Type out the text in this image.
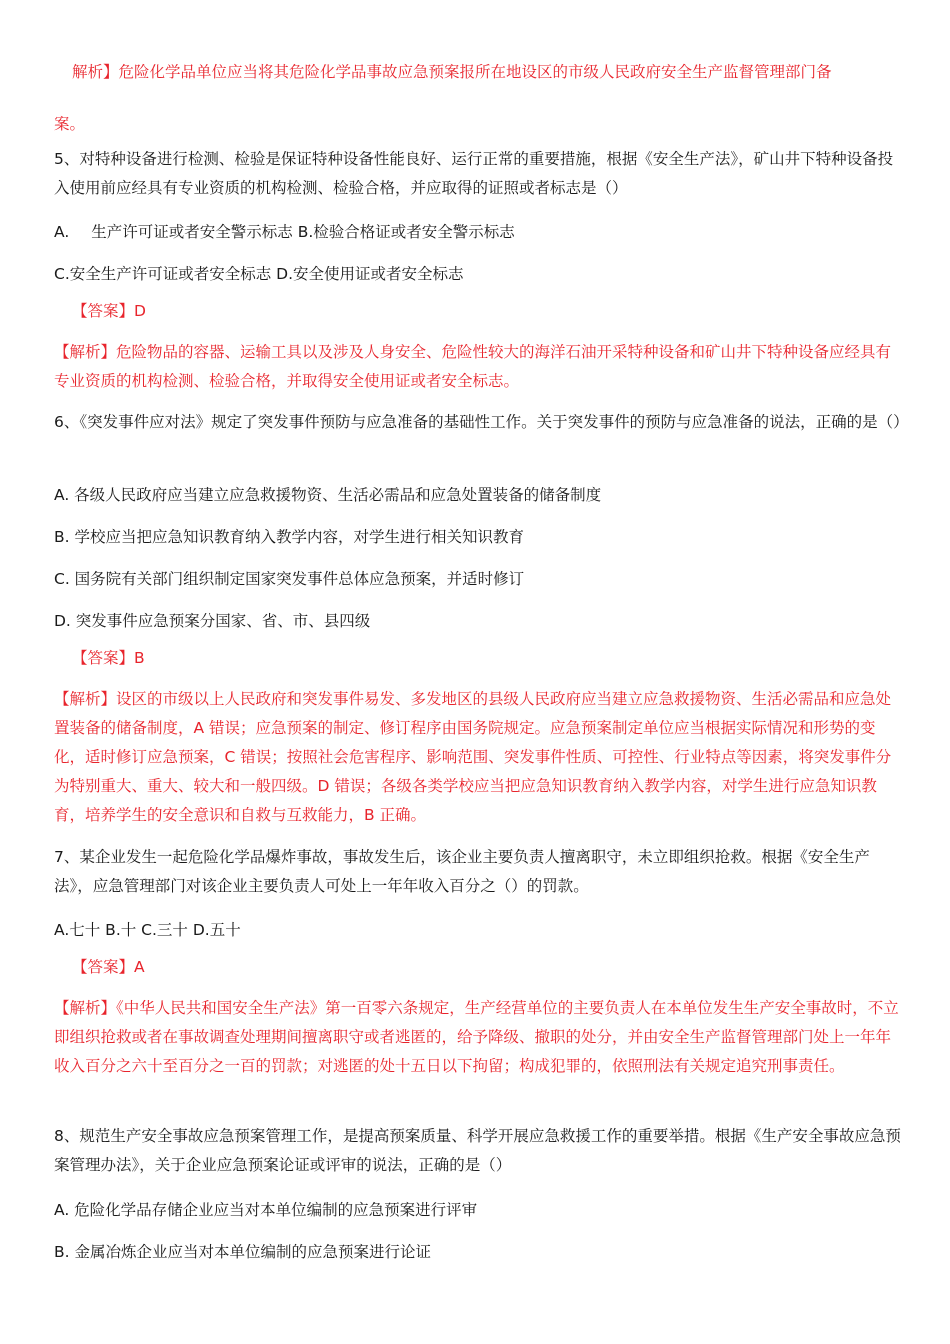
解析】危险化学品单位应当将其危险化学品事故应急预案报所在地设区的市级人民政府安全生产监督管理部门备

案。

5、对特种设备进行检测、检验是保证特种设备性能良好、运行正常的重要措施，根据《安全生产法》，矿山井下特种设备投入使用前应经具有专业资质的机构检测、检验合格，并应取得的证照或者标志是（）

A. 生产许可证或者安全警示标志 B.检验合格证或者安全警示标志

C.安全生产许可证或者安全标志 D.安全使用证或者安全标志

【答案】D

【解析】危险物品的容器、运输工具以及涉及人身安全、危险性较大的海洋石油开采特种设备和矿山井下特种设备应经具有专业资质的机构检测、检验合格，并取得安全使用证或者安全标志。

6、《突发事件应对法》规定了突发事件预防与应急准备的基础性工作。关于突发事件的预防与应急准备的说法，正确的是（）

A. 各级人民政府应当建立应急救援物资、生活必需品和应急处置装备的储备制度

B. 学校应当把应急知识教育纳入教学内容，对学生进行相关知识教育

C. 国务院有关部门组织制定国家突发事件总体应急预案，并适时修订

D. 突发事件应急预案分国家、省、市、县四级

【答案】B

【解析】设区的市级以上人民政府和突发事件易发、多发地区的县级人民政府应当建立应急救援物资、生活必需品和应急处置装备的储备制度，A 错误；应急预案的制定、修订程序由国务院规定。应急预案制定单位应当根据实际情况和形势的变化，适时修订应急预案，C 错误；按照社会危害程序、影响范围、突发事件性质、可控性、行业特点等因素，将突发事件分为特别重大、重大、较大和一般四级。D 错误；各级各类学校应当把应急知识教育纳入教学内容，对学生进行应急知识教育，培养学生的安全意识和自救与互救能力，B 正确。

7、某企业发生一起危险化学品爆炸事故，事故发生后，该企业主要负责人擅离职守，未立即组织抢救。根据《安全生产法》，应急管理部门对该企业主要负责人可处上一年年收入百分之（）的罚款。

A.七十 B.十 C.三十 D.五十

【答案】A

【解析】《中华人民共和国安全生产法》第一百零六条规定，生产经营单位的主要负责人在本单位发生生产安全事故时，不立即组织抢救或者在事故调查处理期间擅离职守或者逃匿的，给予降级、撤职的处分，并由安全生产监督管理部门处上一年年收入百分之六十至百分之一百的罚款；对逃匿的处十五日以下拘留；构成犯罪的，依照刑法有关规定追究刑事责任。

8、规范生产安全事故应急预案管理工作，是提高预案质量、科学开展应急救援工作的重要举措。根据《生产安全事故应急预案管理办法》，关于企业应急预案论证或评审的说法，正确的是（）

A. 危险化学品存储企业应当对本单位编制的应急预案进行评审

B. 金属冶炼企业应当对本单位编制的应急预案进行论证
